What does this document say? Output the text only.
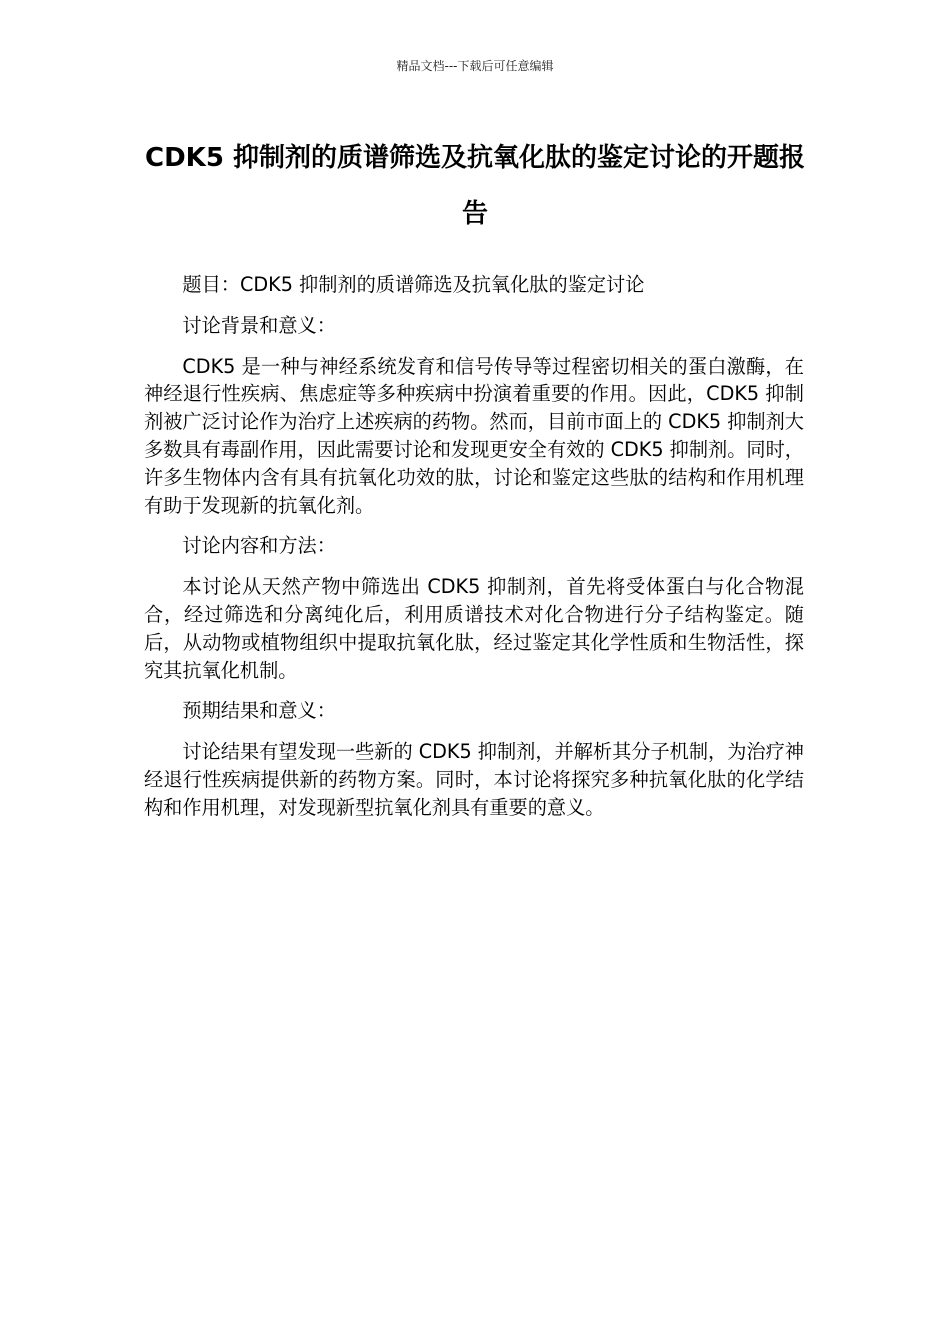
精品文档---下载后可任意编辑
CDK5 抑制剂的质谱筛选及抗氧化肽的鉴定讨论的开题报告

题目：CDK5 抑制剂的质谱筛选及抗氧化肽的鉴定讨论

讨论背景和意义：

CDK5 是一种与神经系统发育和信号传导等过程密切相关的蛋白激酶，在神经退行性疾病、焦虑症等多种疾病中扮演着重要的作用。因此，CDK5 抑制剂被广泛讨论作为治疗上述疾病的药物。然而，目前市面上的 CDK5 抑制剂大多数具有毒副作用，因此需要讨论和发现更安全有效的 CDK5 抑制剂。同时，许多生物体内含有具有抗氧化功效的肽，讨论和鉴定这些肽的结构和作用机理有助于发现新的抗氧化剂。

讨论内容和方法：

本讨论从天然产物中筛选出 CDK5 抑制剂，首先将受体蛋白与化合物混合，经过筛选和分离纯化后，利用质谱技术对化合物进行分子结构鉴定。随后，从动物或植物组织中提取抗氧化肽，经过鉴定其化学性质和生物活性，探究其抗氧化机制。

预期结果和意义：

讨论结果有望发现一些新的 CDK5 抑制剂，并解析其分子机制，为治疗神经退行性疾病提供新的药物方案。同时，本讨论将探究多种抗氧化肽的化学结构和作用机理，对发现新型抗氧化剂具有重要的意义。
